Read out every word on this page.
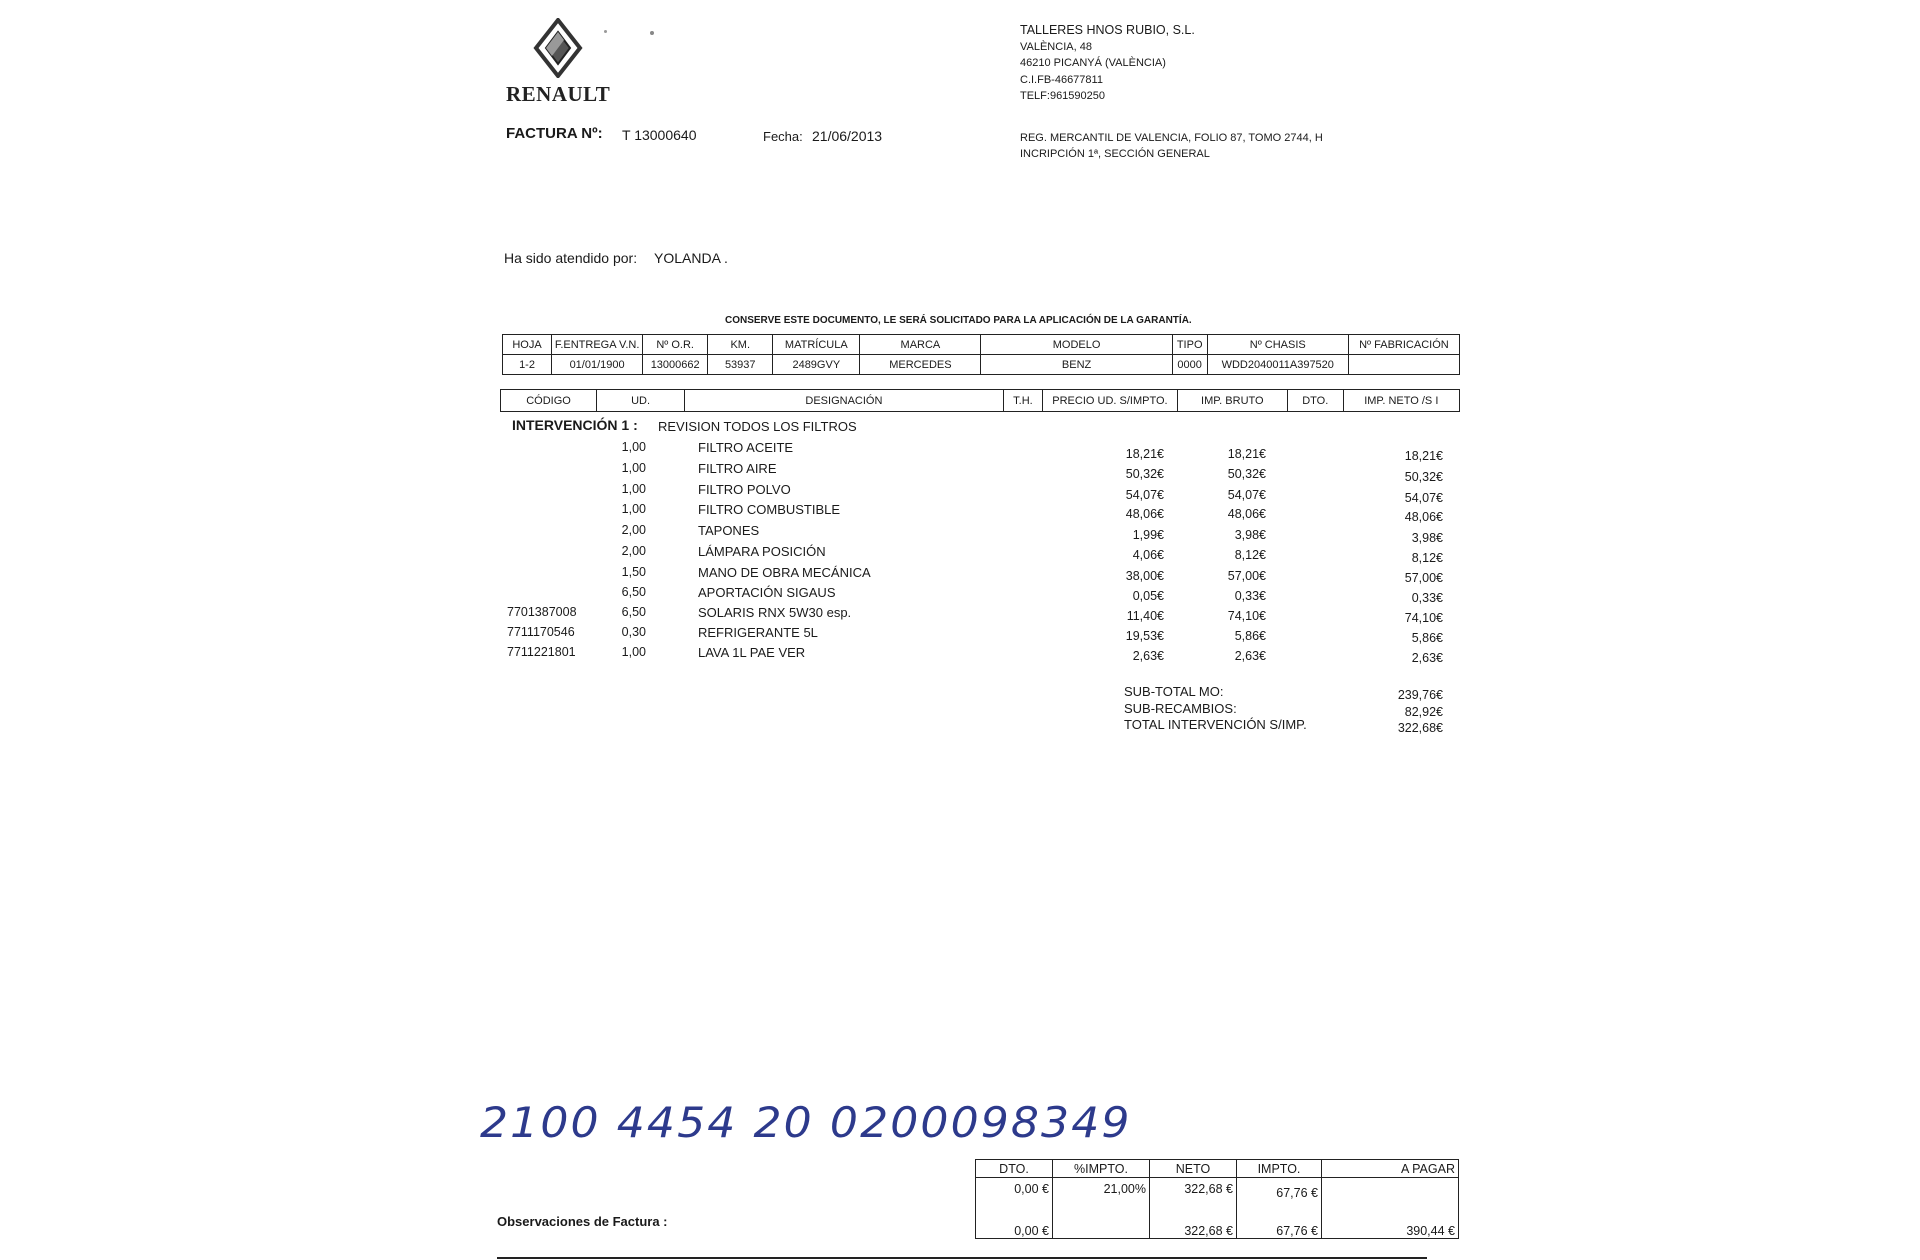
RENAULT
TALLERES HNOS RUBIO, S.L.
VALÈNCIA, 48
46210 PICANYÁ (VALÈNCIA)
C.I.FB-46677811
TELF:961590250
FACTURA Nº: T 13000640	Fecha: 21/06/2013	REG. MERCANTIL DE VALENCIA, FOLIO 87, TOMO 2744, H
INCRIPCIÓN 1ª, SECCIÓN GENERAL
Ha sido atendido por: YOLANDA .
CONSERVE ESTE DOCUMENTO, LE SERÁ SOLICITADO PARA LA APLICACIÓN DE LA GARANTÍA.
HOJA	F.ENTREGA V.N.	Nº O.R.	KM.	MATRÍCULA	MARCA	MODELO	TIPO	Nº CHASIS	Nº FABRICACIÓN
1-2	01/01/1900	13000662	53937	2489GVY	MERCEDES	BENZ	0000	WDD2040011A397520	
CÓDIGO	UD.	DESIGNACIÓN	T.H.	PRECIO UD. S/IMPTO.	IMP. BRUTO	DTO.	IMP. NETO /S I
INTERVENCIÓN 1 : REVISION TODOS LOS FILTROS
1,00	FILTRO ACEITE	18,21€	18,21€	18,21€
1,00	FILTRO AIRE	50,32€	50,32€	50,32€
1,00	FILTRO POLVO	54,07€	54,07€	54,07€
1,00	FILTRO COMBUSTIBLE	48,06€	48,06€	48,06€
2,00	TAPONES	1,99€	3,98€	3,98€
2,00	LÁMPARA POSICIÓN	4,06€	8,12€	8,12€
1,50	MANO DE OBRA MECÁNICA	38,00€	57,00€	57,00€
6,50	APORTACIÓN SIGAUS	0,05€	0,33€	0,33€
7701387008	6,50	SOLARIS RNX 5W30 esp.	11,40€	74,10€	74,10€
7711170546	0,30	REFRIGERANTE 5L	19,53€	5,86€	5,86€
7711221801	1,00	LAVA 1L PAE VER	2,63€	2,63€	2,63€
SUB-TOTAL MO:	239,76€
SUB-RECAMBIOS:	82,92€
TOTAL INTERVENCIÓN S/IMP.	322,68€
2100 4454 20 0200098349
DTO.	%IMPTO.	NETO	IMPTO.	A PAGAR
0,00 €	21,00%	322,68 €	67,76 €	
0,00 €		322,68 €	67,76 €	390,44 €
Observaciones de Factura :
